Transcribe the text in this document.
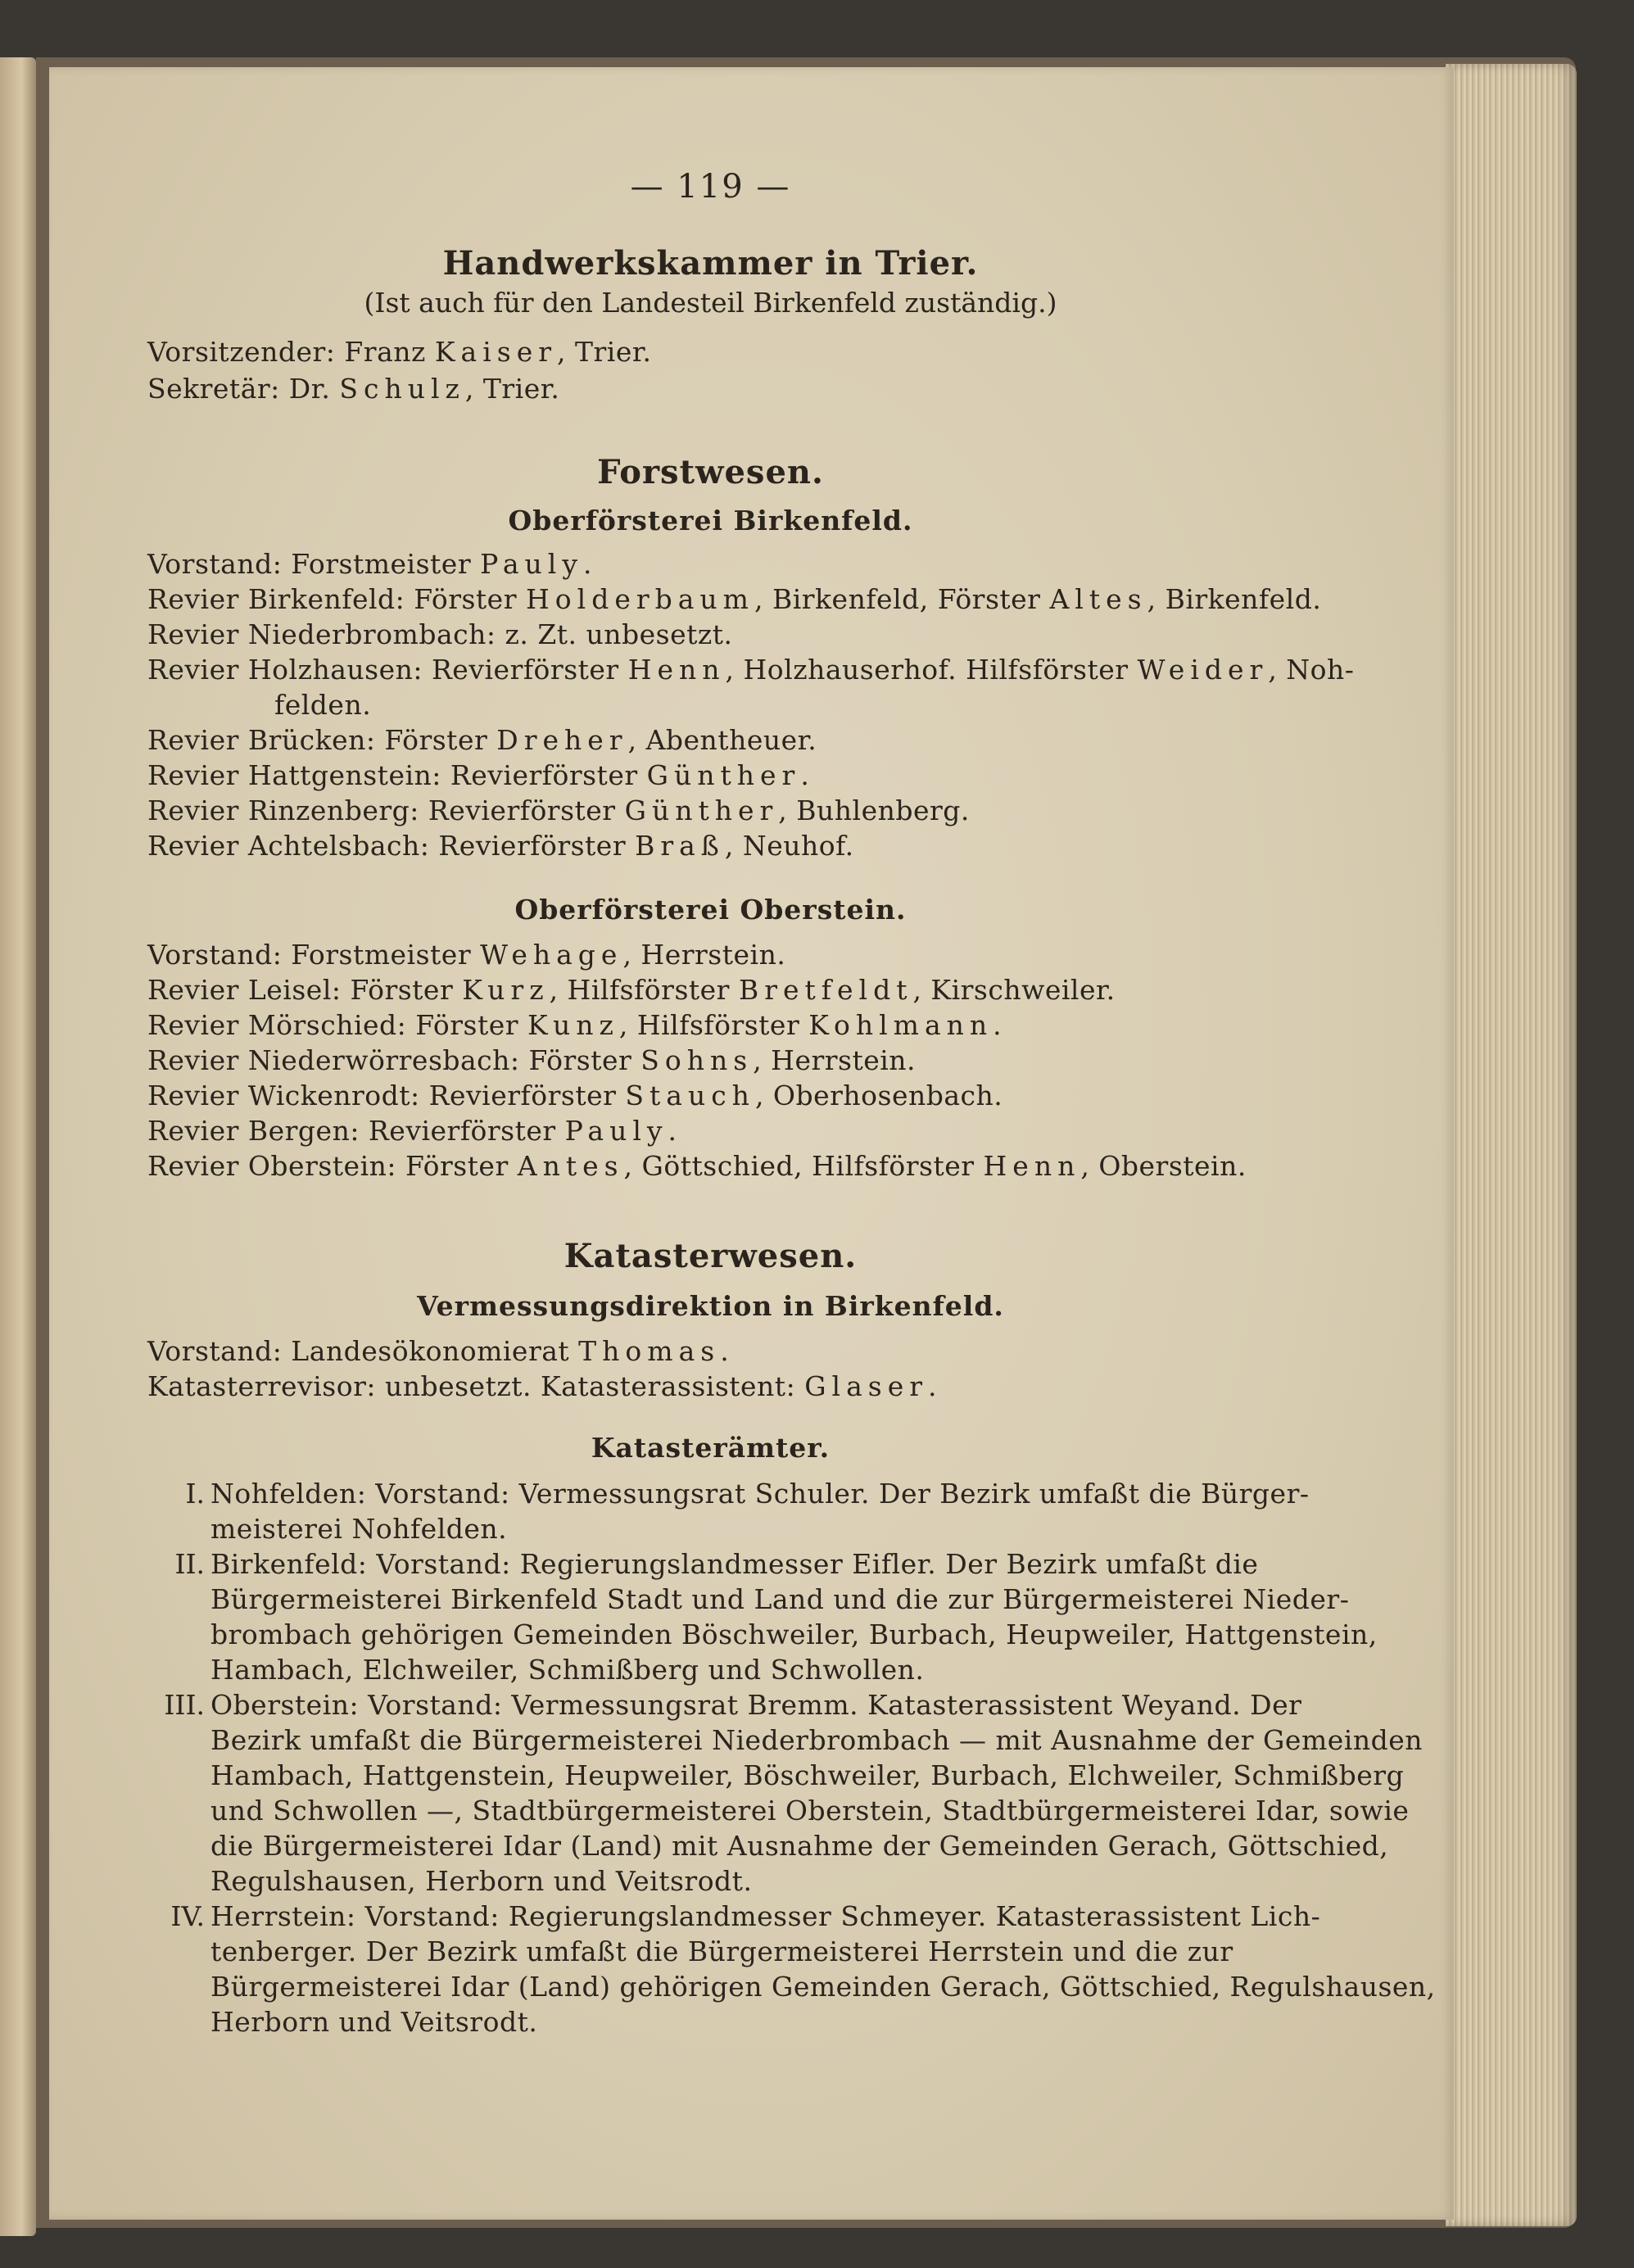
— 119 —
Handwerkskammer in Trier.
(Ist auch für den Landesteil Birkenfeld zuständig.)
Vorsitzender: Franz Kaiser, Trier.
Sekretär: Dr. Schulz, Trier.
Forstwesen.
Oberförsterei Birkenfeld.
Vorstand: Forstmeister Pauly.
Revier Birkenfeld: Förster Holderbaum, Birkenfeld, Förster Altes, Birkenfeld.
Revier Niederbrombach: z. Zt. unbesetzt.
Revier Holzhausen: Revierförster Henn, Holzhauserhof. Hilfsförster Weider, Noh-
felden.
Revier Brücken: Förster Dreher, Abentheuer.
Revier Hattgenstein: Revierförster Günther.
Revier Rinzenberg: Revierförster Günther, Buhlenberg.
Revier Achtelsbach: Revierförster Braß, Neuhof.
Oberförsterei Oberstein.
Vorstand: Forstmeister Wehage, Herrstein.
Revier Leisel: Förster Kurz, Hilfsförster Bretfeldt, Kirschweiler.
Revier Mörschied: Förster Kunz, Hilfsförster Kohlmann.
Revier Niederwörresbach: Förster Sohns, Herrstein.
Revier Wickenrodt: Revierförster Stauch, Oberhosenbach.
Revier Bergen: Revierförster Pauly.
Revier Oberstein: Förster Antes, Göttschied, Hilfsförster Henn, Oberstein.
Katasterwesen.
Vermessungsdirektion in Birkenfeld.
Vorstand: Landesökonomierat Thomas.
Katasterrevisor: unbesetzt. Katasterassistent: Glaser.
Katasterämter.
I. Nohfelden: Vorstand: Vermessungsrat Schuler. Der Bezirk umfaßt die Bürger-
meisterei Nohfelden.
II. Birkenfeld: Vorstand: Regierungslandmesser Eifler. Der Bezirk umfaßt die
Bürgermeisterei Birkenfeld Stadt und Land und die zur Bürgermeisterei Nieder-
brombach gehörigen Gemeinden Böschweiler, Burbach, Heupweiler, Hattgenstein,
Hambach, Elchweiler, Schmißberg und Schwollen.
III. Oberstein: Vorstand: Vermessungsrat Bremm. Katasterassistent Weyand. Der
Bezirk umfaßt die Bürgermeisterei Niederbrombach — mit Ausnahme der Gemeinden
Hambach, Hattgenstein, Heupweiler, Böschweiler, Burbach, Elchweiler, Schmißberg
und Schwollen —, Stadtbürgermeisterei Oberstein, Stadtbürgermeisterei Idar, sowie
die Bürgermeisterei Idar (Land) mit Ausnahme der Gemeinden Gerach, Göttschied,
Regulshausen, Herborn und Veitsrodt.
IV. Herrstein: Vorstand: Regierungslandmesser Schmeyer. Katasterassistent Lich-
tenberger. Der Bezirk umfaßt die Bürgermeisterei Herrstein und die zur
Bürgermeisterei Idar (Land) gehörigen Gemeinden Gerach, Göttschied, Regulshausen,
Herborn und Veitsrodt.
